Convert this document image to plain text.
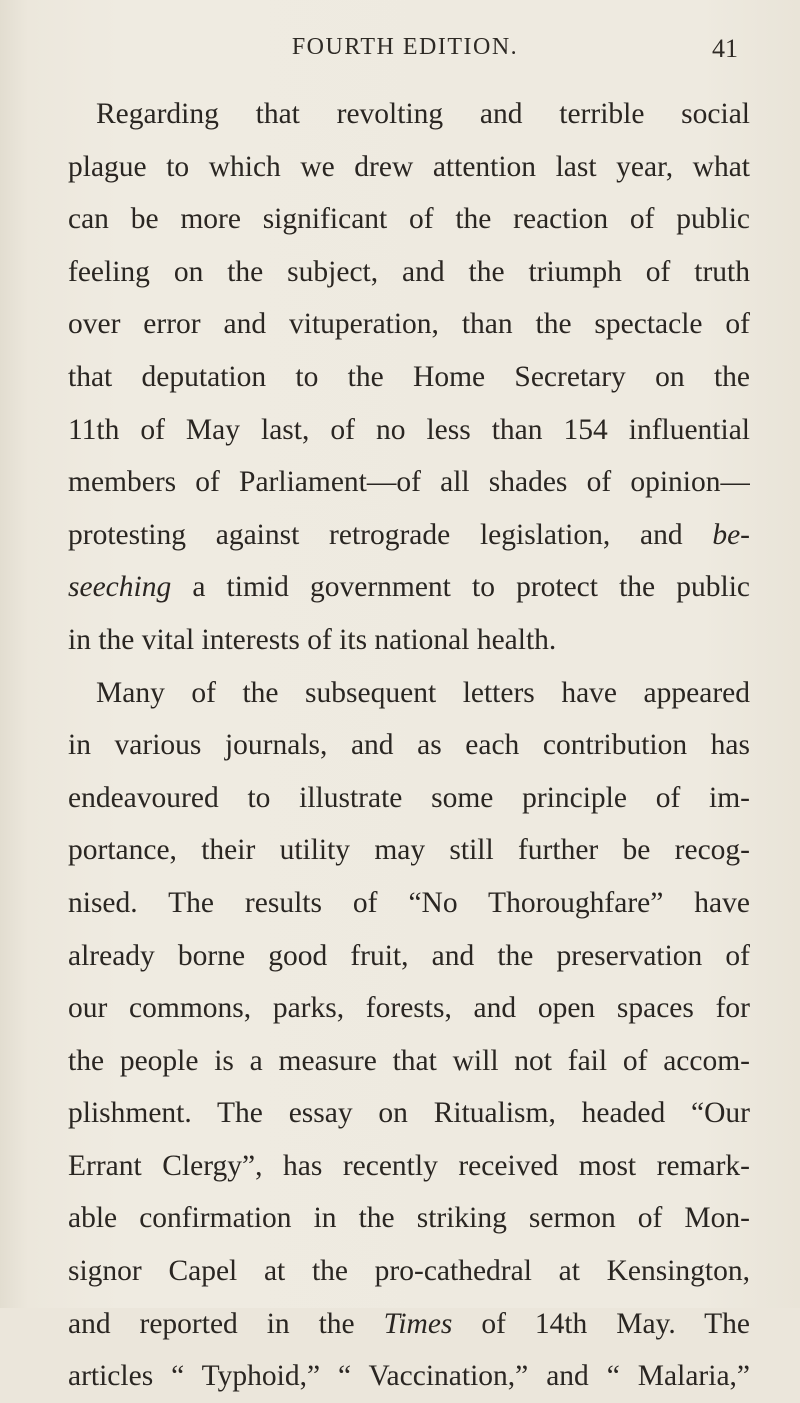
FOURTH EDITION.	41
Regarding that revolting and terrible social
plague to which we drew attention last year, what
can be more significant of the reaction of public
feeling on the subject, and the triumph of truth
over error and vituperation, than the spectacle of
that deputation to the Home Secretary on the
11th of May last, of no less than 154 influential
members of Parliament—of all shades of opinion—
protesting against retrograde legislation, and be-
seeching a timid government to protect the public
in the vital interests of its national health.
Many of the subsequent letters have appeared
in various journals, and as each contribution has
endeavoured to illustrate some principle of im-
portance, their utility may still further be recog-
nised. The results of “No Thoroughfare” have
already borne good fruit, and the preservation of
our commons, parks, forests, and open spaces for
the people is a measure that will not fail of accom-
plishment. The essay on Ritualism, headed “Our
Errant Clergy”, has recently received most remark-
able confirmation in the striking sermon of Mon-
signor Capel at the pro-cathedral at Kensington,
and reported in the Times of 14th May. The
articles “ Typhoid,” “ Vaccination,” and “ Malaria,”
